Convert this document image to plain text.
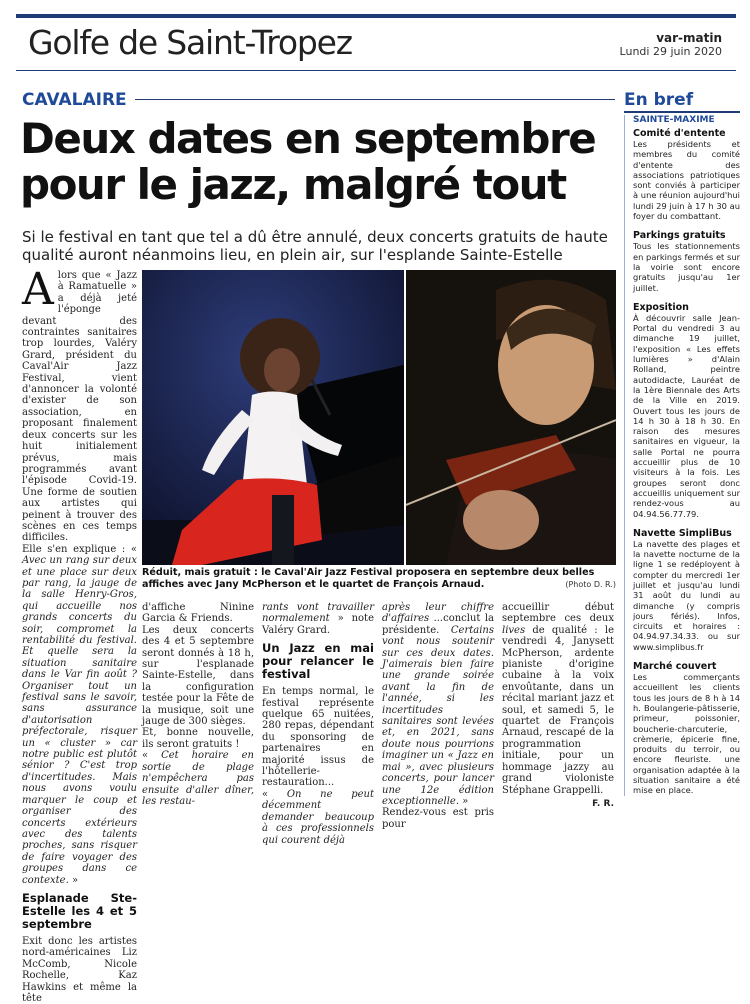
Golfe de Saint-Tropez	var-matin
Lundi 29 juin 2020
CAVALAIRE
Deux dates en septembre
pour le jazz, malgré tout
Si le festival en tant que tel a dû être annulé, deux concerts gratuits de haute qualité auront néanmoins lieu, en plein air, sur l'esplande Sainte-Estelle

Alors que « Jazz à Ramatuelle » a déjà jeté l'éponge devant des contraintes sanitaires trop lourdes, Valéry Grard, président du Caval'Air Jazz Festival, vient d'annoncer la volonté d'exister de son association, en proposant finalement deux concerts sur les huit initialement prévus, mais programmés avant l'épisode Covid-19. Une forme de soutien aux artistes qui peinent à trouver des scènes en ces temps difficiles.

Elle s'en explique : « Avec un rang sur deux et une place sur deux par rang, la jauge de la salle Henry-Gros, qui accueille nos grands concerts du soir, compromet la rentabilité du festival. Et quelle sera la situation sanitaire dans le Var fin août ? Organiser tout un festival sans le savoir, sans assurance d'autorisation préfectorale, risquer un « cluster » car notre public est plutôt sénior ? C'est trop d'incertitudes. Mais nous avons voulu marquer le coup et organiser des concerts extérieurs avec des talents proches, sans risquer de faire voyager des groupes dans ce contexte. »

Esplanade Ste-Estelle les 4 et 5 septembre

Exit donc les artistes nord-américaines Liz McComb, Nicole Rochelle, Kaz Hawkins et même la tête

Réduit, mais gratuit : le Caval'Air Jazz Festival proposera en septembre deux belles affiches avec Jany McPherson et le quartet de François Arnaud.	(Photo D. R.)

d'affiche Ninine Garcia & Friends.

Les deux concerts des 4 et 5 septembre seront donnés à 18 h, sur l'esplanade Sainte-Estelle, dans la configuration testée pour la Fête de la musique, soit une jauge de 300 sièges.

Et, bonne nouvelle, ils seront gratuits !

« Cet horaire en sortie de plage n'empêchera pas ensuite d'aller dîner, les restau-

rants vont travailler normalement » note Valéry Grard.

Un Jazz en mai pour relancer le festival

En temps normal, le festival représente quelque 65 nuitées, 280 repas, dépendant du sponsoring de partenaires en majorité issus de l'hôtellerie-restauration...

« On ne peut décemment demander beaucoup à ces professionnels qui courent déjà

après leur chiffre d'affaires ...conclut la présidente. Certains vont nous soutenir sur ces deux dates. J'aimerais bien faire une grande soirée avant la fin de l'année, si les incertitudes sanitaires sont levées et, en 2021, sans doute nous pourrions imaginer un « Jazz en mai », avec plusieurs concerts, pour lancer une 12e édition exceptionnelle. »

Rendez-vous est pris pour

accueillir début septembre ces deux lives de qualité : le vendredi 4, Janysett McPherson, ardente pianiste d'origine cubaine à la voix envoûtante, dans un récital mariant jazz et soul, et samedi 5, le quartet de François Arnaud, rescapé de la programmation initiale, pour un hommage jazzy au grand violoniste Stéphane Grappelli.

F. R.
En bref
SAINTE-MAXIME
Comité d'entente
Les présidents et membres du comité d'entente des associations patriotiques sont conviés à participer à une réunion aujourd'hui lundi 29 juin à 17 h 30 au foyer du combattant.
Parkings gratuits
Tous les stationnements en parkings fermés et sur la voirie sont encore gratuits jusqu'au 1er juillet.
Exposition
À découvrir salle Jean-Portal du vendredi 3 au dimanche 19 juillet, l'exposition « Les effets lumières » d'Alain Rolland, peintre autodidacte, Lauréat de la 1ère Biennale des Arts de la Ville en 2019. Ouvert tous les jours de 14 h 30 à 18 h 30. En raison des mesures sanitaires en vigueur, la salle Portal ne pourra accueillir plus de 10 visiteurs à la fois. Les groupes seront donc accueillis uniquement sur rendez-vous au 04.94.56.77.79.
Navette SimpliBus
La navette des plages et la navette nocturne de la ligne 1 se redéployent à compter du mercredi 1er juillet et jusqu'au lundi 31 août du lundi au dimanche (y compris jours fériés). Infos, circuits et horaires : 04.94.97.34.33. ou sur www.simplibus.fr
Marché couvert
Les commerçants accueillent les clients tous les jours de 8 h à 14 h. Boulangerie-pâtisserie, primeur, poissonier, boucherie-charcuterie, crèmerie, épicerie fine, produits du terroir, ou encore fleuriste. une organisation adaptée à la situation sanitaire a été mise en place.
